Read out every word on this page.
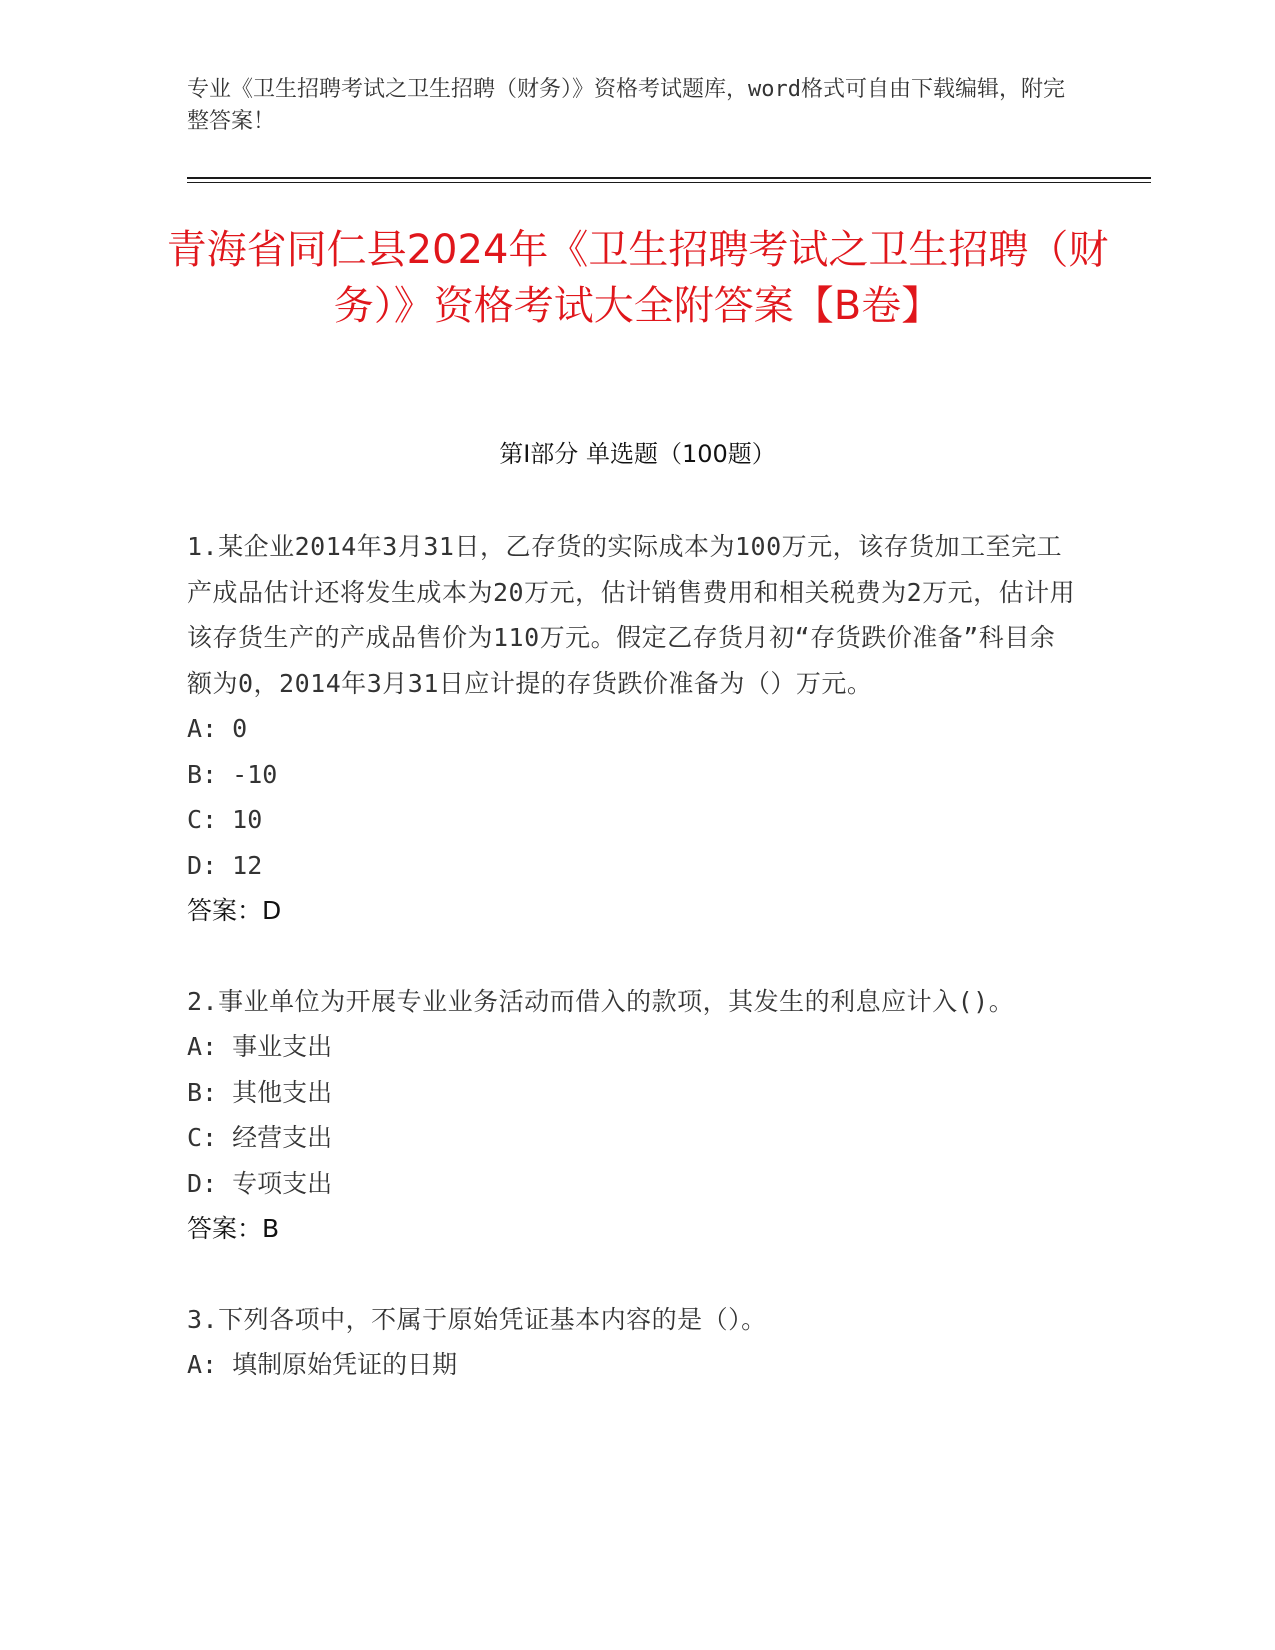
专业《卫生招聘考试之卫生招聘（财务）》资格考试题库，word格式可自由下载编辑，附完整答案！
青海省同仁县2024年《卫生招聘考试之卫生招聘（财务）》资格考试大全附答案【B卷】
第I部分 单选题（100题）
1.某企业2014年3月31日，乙存货的实际成本为100万元，该存货加工至完工产成品估计还将发生成本为20万元，估计销售费用和相关税费为2万元，估计用该存货生产的产成品售价为110万元。假定乙存货月初“存货跌价准备”科目余额为0，2014年3月31日应计提的存货跌价准备为（）万元。
A: 0
B: -10
C: 10
D: 12
答案：D
2.事业单位为开展专业业务活动而借入的款项，其发生的利息应计入()。
A: 事业支出
B: 其他支出
C: 经营支出
D: 专项支出
答案：B
3.下列各项中，不属于原始凭证基本内容的是（）。
A: 填制原始凭证的日期
